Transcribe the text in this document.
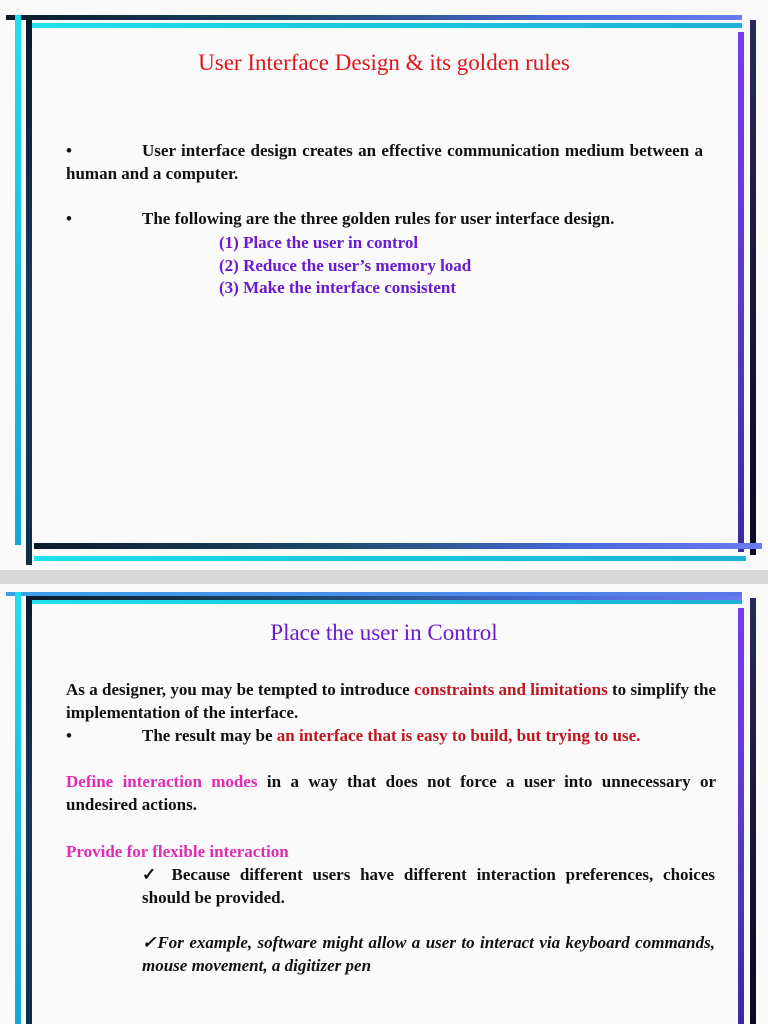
User Interface Design & its golden rules
•	User interface design creates an effective communication medium between a human and a computer.
•	The following are the three golden rules for user interface design.
(1) Place the user in control
(2) Reduce the user’s memory load
(3) Make the interface consistent
Place the user in Control
As a designer, you may be tempted to introduce constraints and limitations to simplify the implementation of the interface.
•	The result may be an interface that is easy to build, but trying to use.
Define interaction modes in a way that does not force a user into unnecessary or undesired actions.
Provide for flexible interaction
✓ Because different users have different interaction preferences, choices should be provided.
✓For example, software might allow a user to interact via keyboard commands, mouse movement, a digitizer pen
